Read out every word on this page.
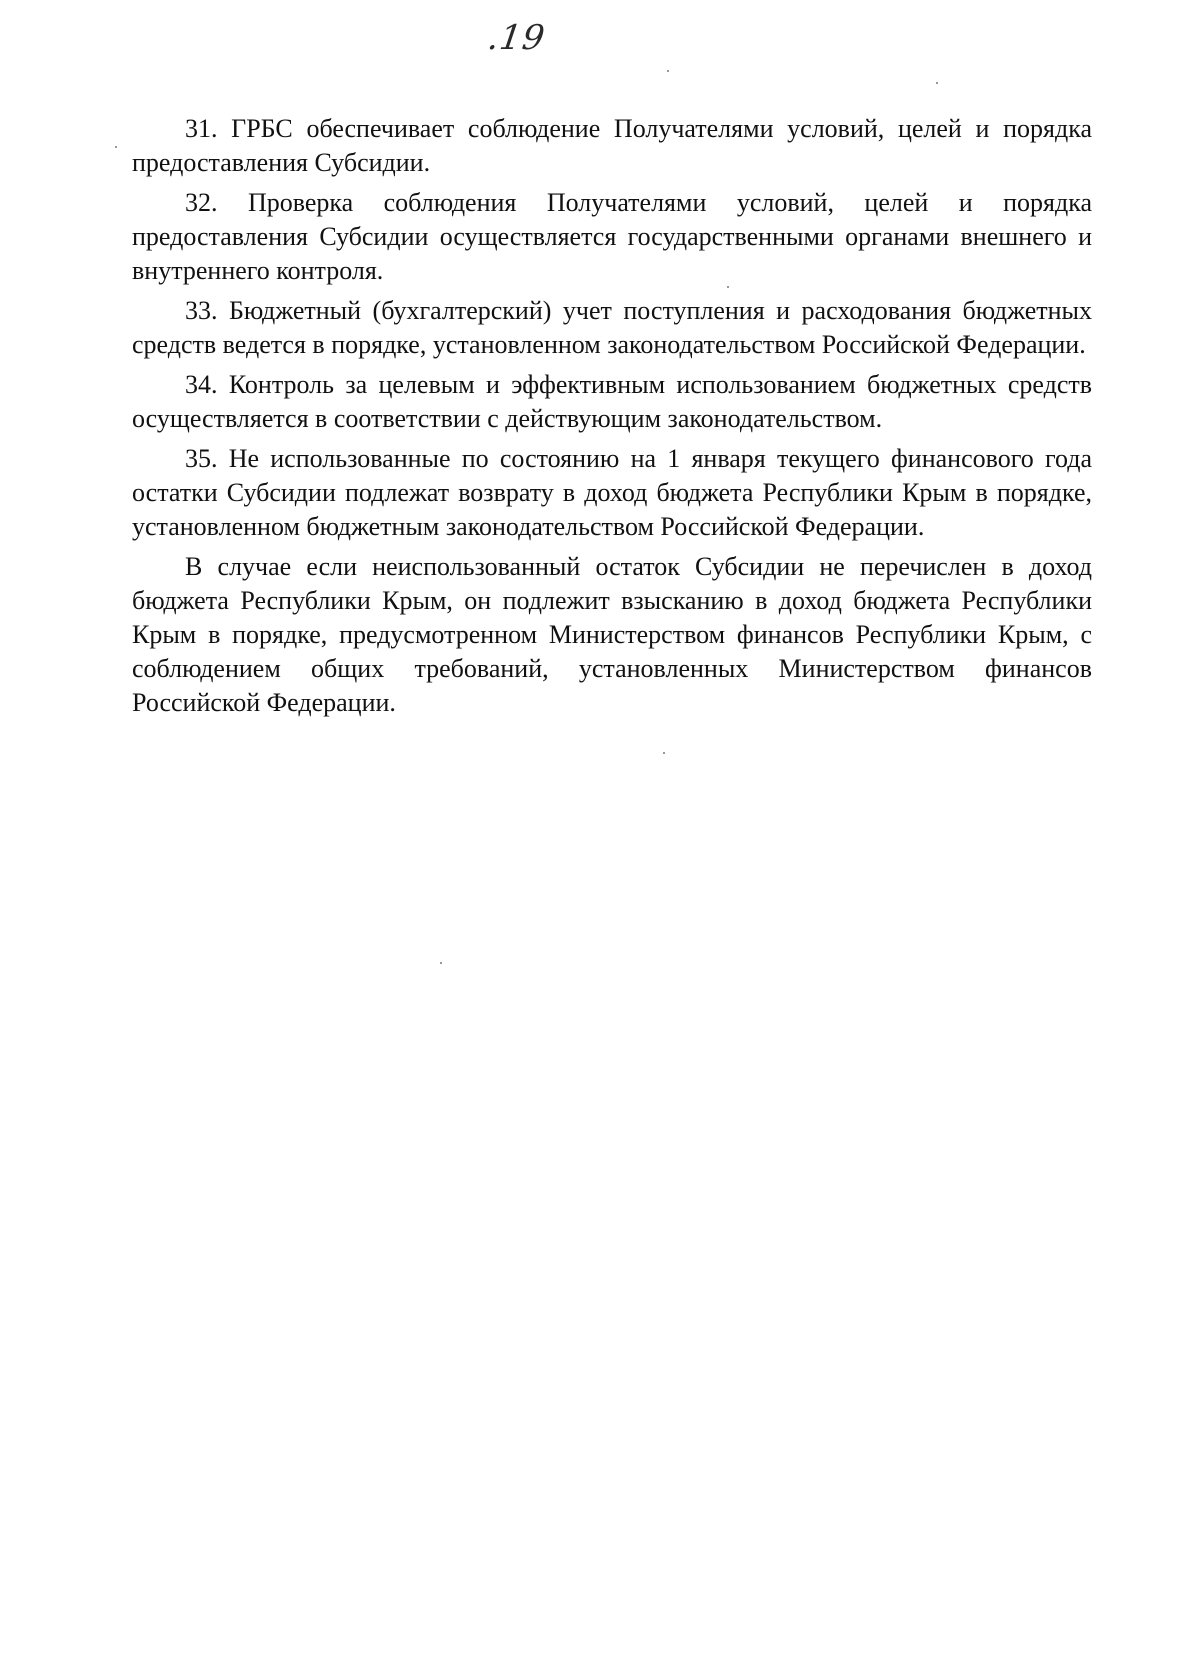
.19

31. ГРБС обеспечивает соблюдение Получателями условий, целей и порядка предоставления Субсидии.

32. Проверка соблюдения Получателями условий, целей и порядка предоставления Субсидии осуществляется государственными органами внешнего и внутреннего контроля.

33. Бюджетный (бухгалтерский) учет поступления и расходования бюджетных средств ведется в порядке, установленном законодательством Российской Федерации.

34. Контроль за целевым и эффективным использованием бюджетных средств осуществляется в соответствии с действующим законодательством.

35. Не использованные по состоянию на 1 января текущего финансового года остатки Субсидии подлежат возврату в доход бюджета Республики Крым в порядке, установленном бюджетным законодательством Российской Федерации.

В случае если неиспользованный остаток Субсидии не перечислен в доход бюджета Республики Крым, он подлежит взысканию в доход бюджета Республики Крым в порядке, предусмотренном Министерством финансов Республики Крым, с соблюдением общих требований, установленных Министерством финансов Российской Федерации.
